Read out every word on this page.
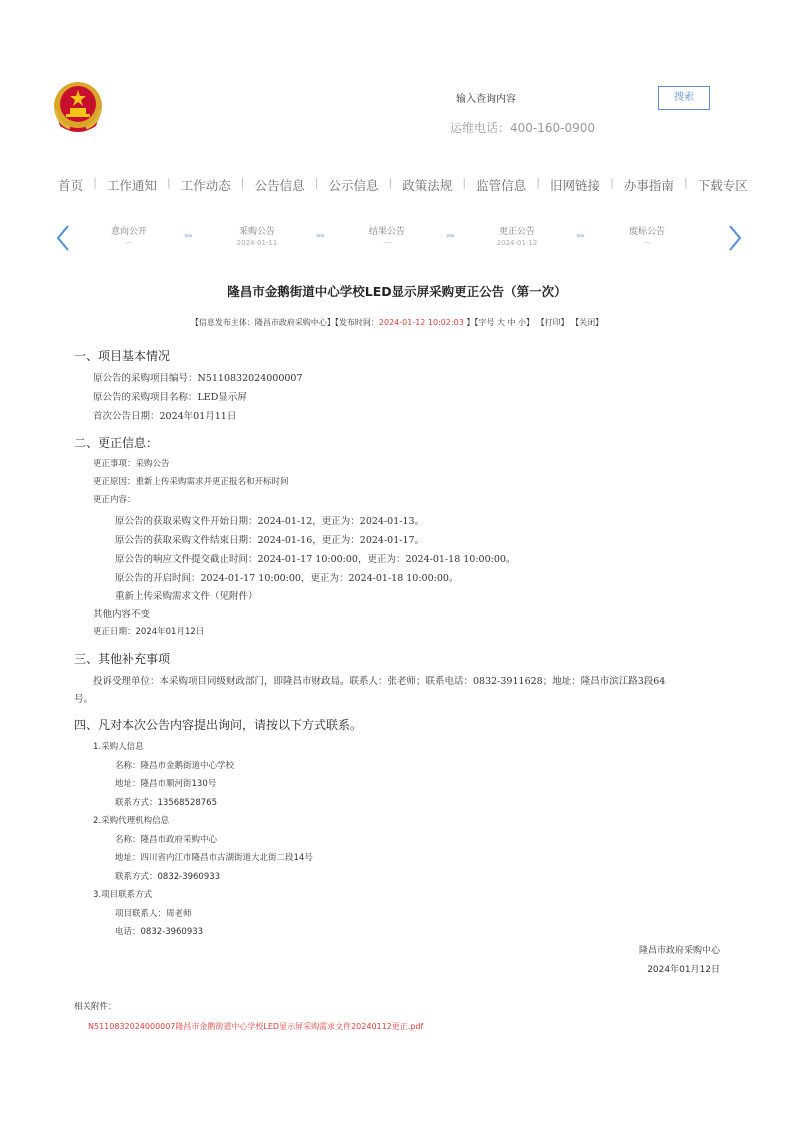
输入查询内容
搜索
运维电话：400-160-0900
首页 | 工作通知 | 工作动态 | 公告信息 | 公示信息 | 政策法规 | 监管信息 | 旧网链接 | 办事指南 | 下载专区
意向公开
---
»»	采购公告
2024-01-11
»»	结果公告
---
»»	更正公告
2024-01-12
»»	废标公告
---
隆昌市金鹅街道中心学校LED显示屏采购更正公告（第一次）
【信息发布主体：隆昌市政府采购中心】【发布时间：2024-01-12 10:02:03 】【字号 大 中 小】 【打印】 【关闭】
一、项目基本情况
原公告的采购项目编号：N5110832024000007
原公告的采购项目名称：LED显示屏
首次公告日期：2024年01月11日
二、更正信息：
更正事项：采购公告
更正原因：重新上传采购需求并更正报名和开标时间
更正内容：
原公告的获取采购文件开始日期：2024-01-12，更正为：2024-01-13。
原公告的获取采购文件结束日期：2024-01-16，更正为：2024-01-17。
原公告的响应文件提交截止时间：2024-01-17 10:00:00，更正为：2024-01-18 10:00:00。
原公告的开启时间：2024-01-17 10:00:00，更正为：2024-01-18 10:00:00。
重新上传采购需求文件（见附件）
其他内容不变
更正日期：2024年01月12日
三、其他补充事项
投诉受理单位：本采购项目同级财政部门，即隆昌市财政局。联系人：张老师；联系电话：0832-3911628；地址：隆昌市滨江路3段64
号。
四、凡对本次公告内容提出询问，请按以下方式联系。
1.采购人信息
名称：隆昌市金鹅街道中心学校
地址：隆昌市顺河街130号
联系方式：13568528765
2.采购代理机构信息
名称：隆昌市政府采购中心
地址：四川省内江市隆昌市古湖街道大北街二段14号
联系方式：0832-3960933
3.项目联系方式
项目联系人：周老师
电话：0832-3960933
隆昌市政府采购中心
2024年01月12日
相关附件：
N5110832024000007隆昌市金鹅街道中心学校LED显示屏采购需求文件20240112更正.pdf
